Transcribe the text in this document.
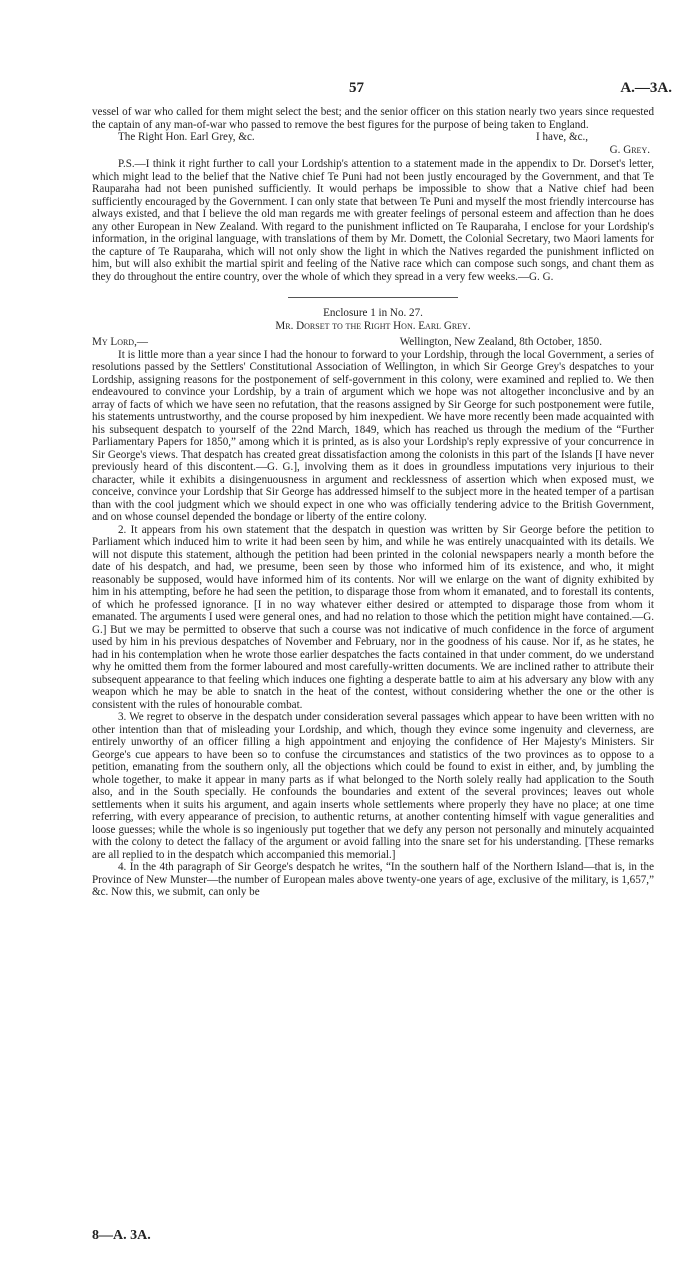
57	A.—3A.

vessel of war who called for them might select the best; and the senior officer on this station nearly two years since requested the captain of any man-of-war who passed to remove the best figures for the purpose of being taken to England.

The Right Hon. Earl Grey, &c.	I have, &c.,
G. Grey.

P.S.—I think it right further to call your Lordship's attention to a statement made in the appendix to Dr. Dorset's letter, which might lead to the belief that the Native chief Te Puni had not been justly encouraged by the Government, and that Te Rauparaha had not been punished sufficiently. It would perhaps be impossible to show that a Native chief had been sufficiently encouraged by the Government. I can only state that between Te Puni and myself the most friendly intercourse has always existed, and that I believe the old man regards me with greater feelings of personal esteem and affection than he does any other European in New Zealand. With regard to the punishment inflicted on Te Rauparaha, I enclose for your Lordship's information, in the original language, with translations of them by Mr. Domett, the Colonial Secretary, two Maori laments for the capture of Te Rauparaha, which will not only show the light in which the Natives regarded the punishment inflicted on him, but will also exhibit the martial spirit and feeling of the Native race which can compose such songs, and chant them as they do throughout the entire country, over the whole of which they spread in a very few weeks.—G. G.

Enclosure 1 in No. 27.
Mr. Dorset to the Right Hon. Earl Grey.
My Lord,—	Wellington, New Zealand, 8th October, 1850.

It is little more than a year since I had the honour to forward to your Lordship, through the local Government, a series of resolutions passed by the Settlers' Constitutional Association of Wellington, in which Sir George Grey's despatches to your Lordship, assigning reasons for the postponement of self-government in this colony, were examined and replied to. We then endeavoured to convince your Lordship, by a train of argument which we hope was not altogether inconclusive and by an array of facts of which we have seen no refutation, that the reasons assigned by Sir George for such postponement were futile, his statements untrustworthy, and the course proposed by him inexpedient. We have more recently been made acquainted with his subsequent despatch to yourself of the 22nd March, 1849, which has reached us through the medium of the “Further Parliamentary Papers for 1850,” among which it is printed, as is also your Lordship's reply expressive of your concurrence in Sir George's views. That despatch has created great dissatisfaction among the colonists in this part of the Islands [I have never previously heard of this discontent.—G. G.], involving them as it does in groundless imputations very injurious to their character, while it exhibits a disingenuousness in argument and recklessness of assertion which when exposed must, we conceive, convince your Lordship that Sir George has addressed himself to the subject more in the heated temper of a partisan than with the cool judgment which we should expect in one who was officially tendering advice to the British Government, and on whose counsel depended the bondage or liberty of the entire colony.

2. It appears from his own statement that the despatch in question was written by Sir George before the petition to Parliament which induced him to write it had been seen by him, and while he was entirely unacquainted with its details. We will not dispute this statement, although the petition had been printed in the colonial newspapers nearly a month before the date of his despatch, and had, we presume, been seen by those who informed him of its existence, and who, it might reasonably be supposed, would have informed him of its contents. Nor will we enlarge on the want of dignity exhibited by him in his attempting, before he had seen the petition, to disparage those from whom it emanated, and to forestall its contents, of which he professed ignorance. [I in no way whatever either desired or attempted to disparage those from whom it emanated. The arguments I used were general ones, and had no relation to those which the petition might have contained.—G. G.] But we may be permitted to observe that such a course was not indicative of much confidence in the force of argument used by him in his previous despatches of November and February, nor in the goodness of his cause. Nor if, as he states, he had in his contemplation when he wrote those earlier despatches the facts contained in that under comment, do we understand why he omitted them from the former laboured and most carefully-written documents. We are inclined rather to attribute their subsequent appearance to that feeling which induces one fighting a desperate battle to aim at his adversary any blow with any weapon which he may be able to snatch in the heat of the contest, without considering whether the one or the other is consistent with the rules of honourable combat.

3. We regret to observe in the despatch under consideration several passages which appear to have been written with no other intention than that of misleading your Lordship, and which, though they evince some ingenuity and cleverness, are entirely unworthy of an officer filling a high appointment and enjoying the confidence of Her Majesty's Ministers. Sir George's cue appears to have been so to confuse the circumstances and statistics of the two provinces as to oppose to a petition, emanating from the southern only, all the objections which could be found to exist in either, and, by jumbling the whole together, to make it appear in many parts as if what belonged to the North solely really had application to the South also, and in the South specially. He confounds the boundaries and extent of the several provinces; leaves out whole settlements when it suits his argument, and again inserts whole settlements where properly they have no place; at one time referring, with every appearance of precision, to authentic returns, at another contenting himself with vague generalities and loose guesses; while the whole is so ingeniously put together that we defy any person not personally and minutely acquainted with the colony to detect the fallacy of the argument or avoid falling into the snare set for his understanding. [These remarks are all replied to in the despatch which accompanied this memorial.]

4. In the 4th paragraph of Sir George's despatch he writes, “In the southern half of the Northern Island—that is, in the Province of New Munster—the number of European males above twenty-one years of age, exclusive of the military, is 1,657,” &c. Now this, we submit, can only be

8—A. 3A.
